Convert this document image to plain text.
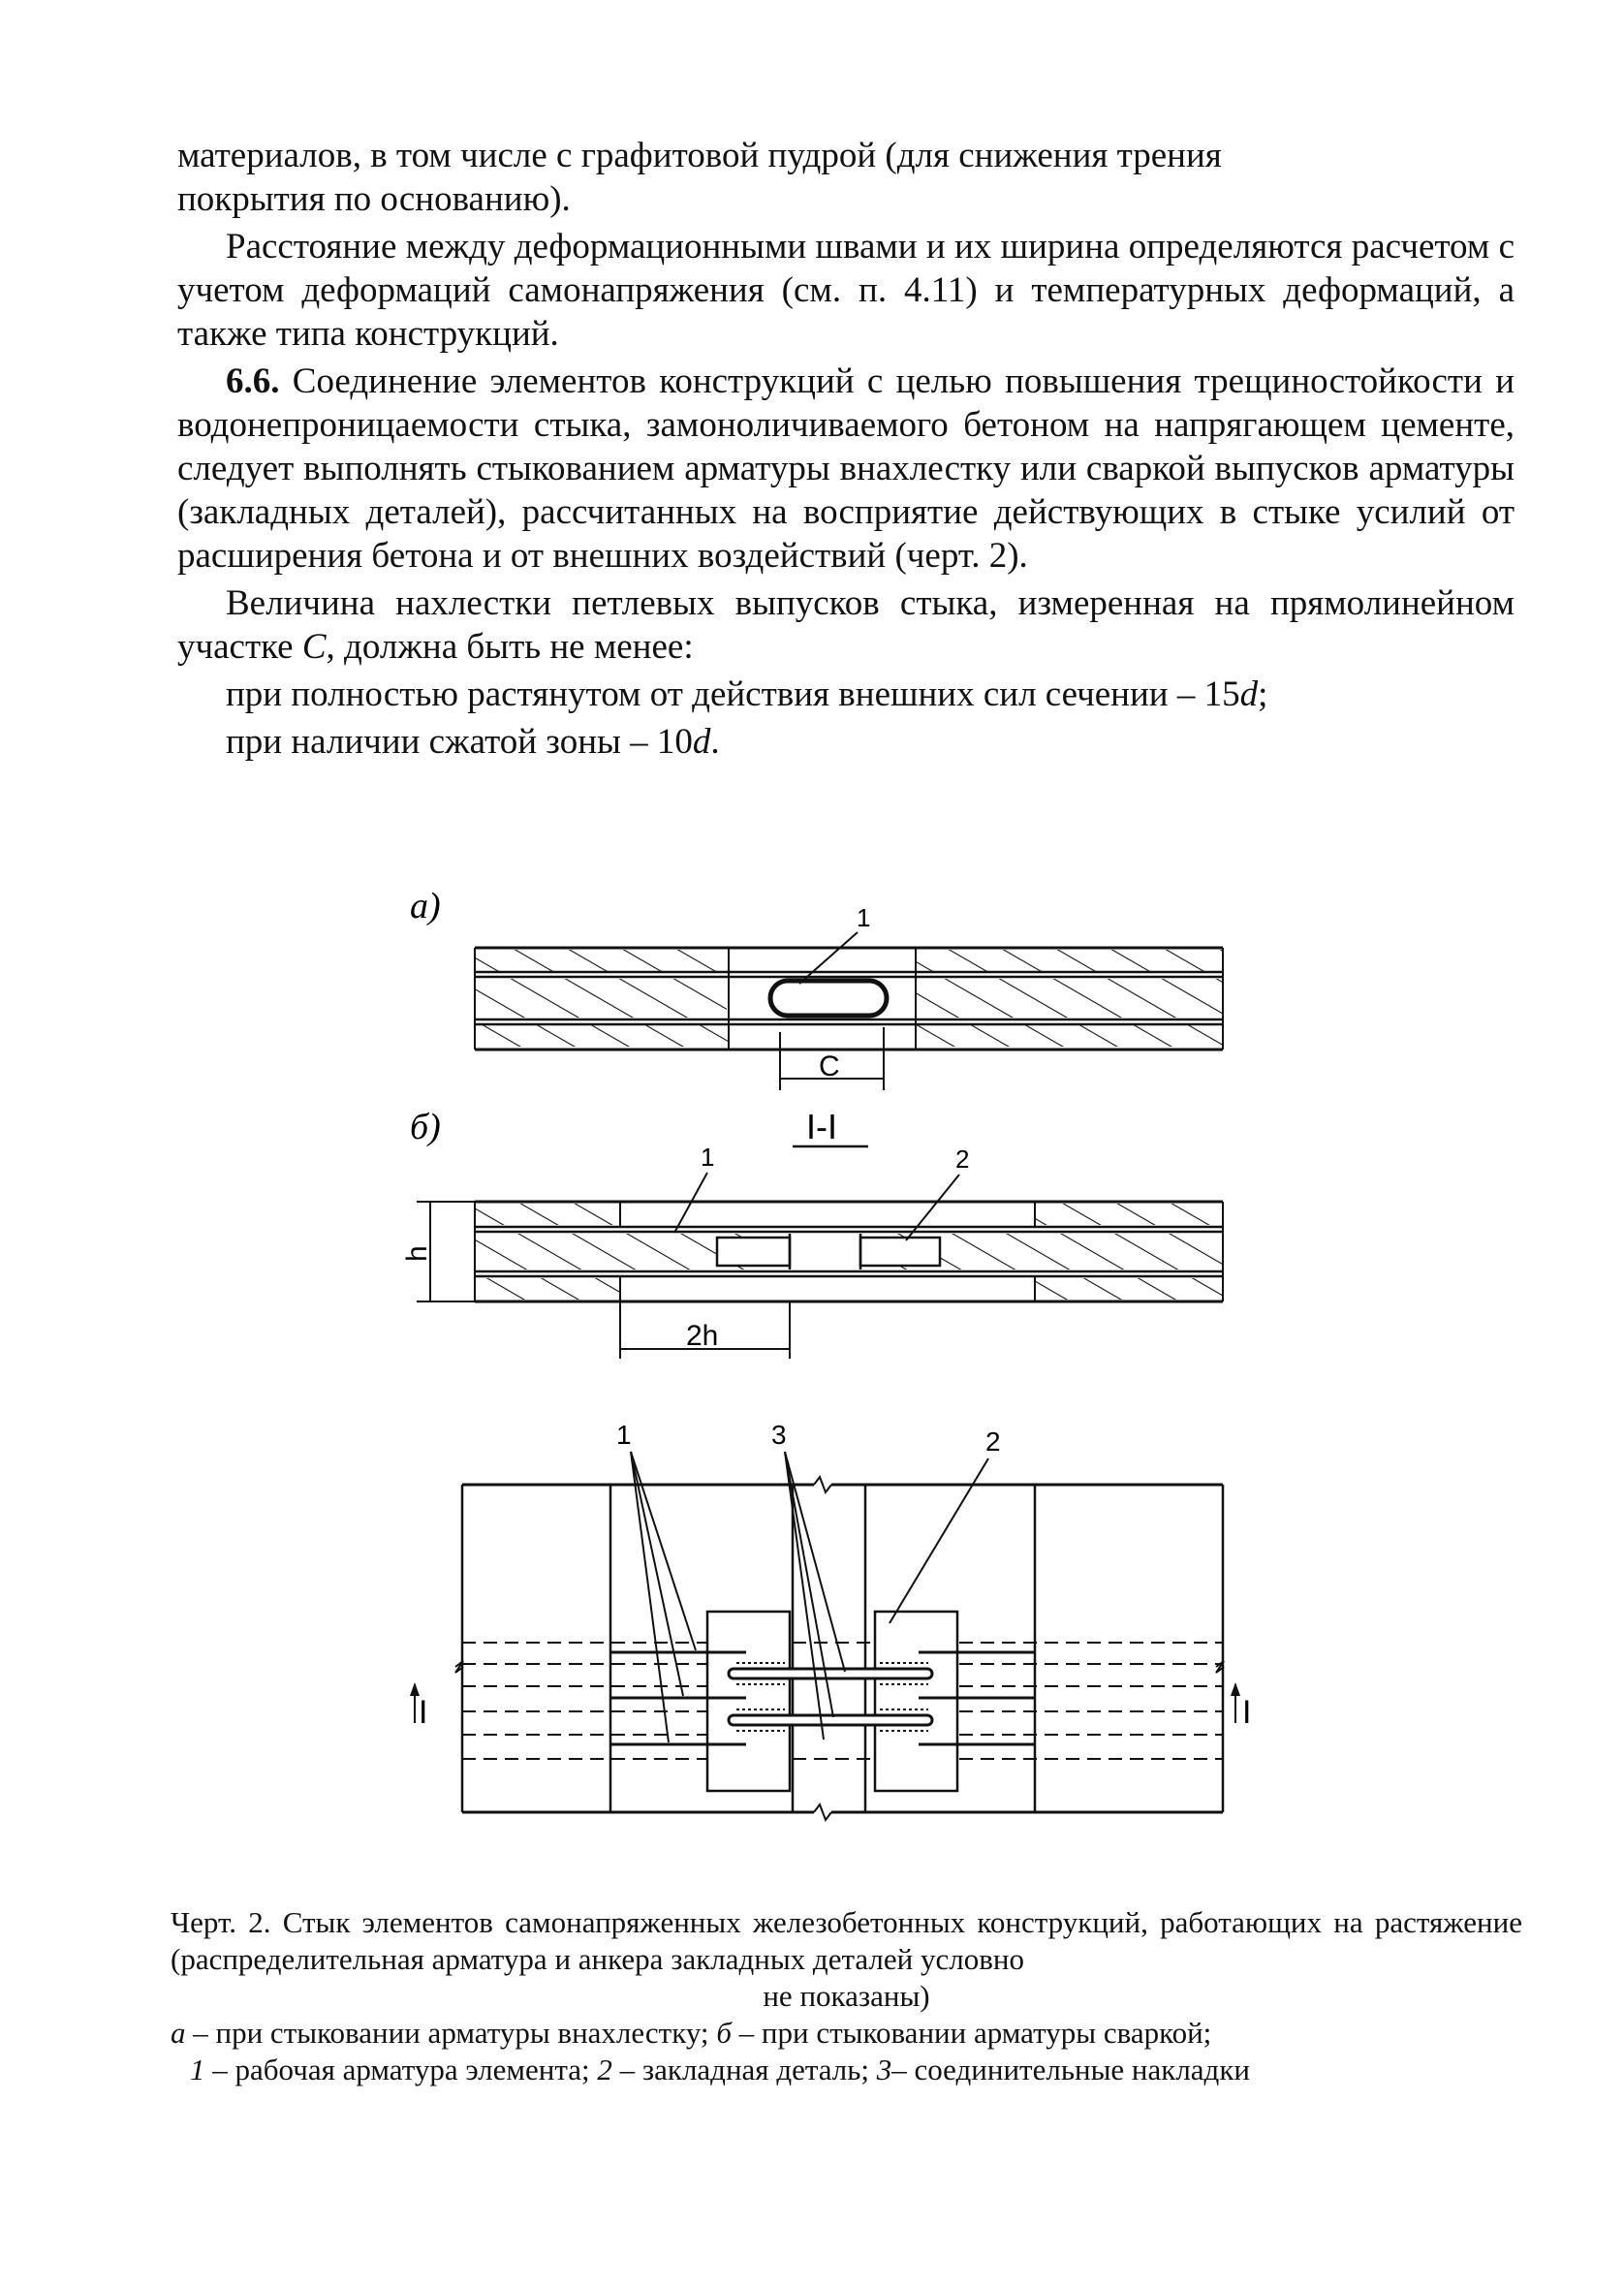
материалов, в том числе с графитовой пудрой (для снижения трения

покрытия по основанию).

Расстояние между деформационными швами и их ширина определяются расчетом с учетом деформаций самонапряжения (см. п. 4.11) и температурных деформаций, а также типа конструкций.

6.6. Соединение элементов конструкций с целью повышения трещиностойкости и водонепроницаемости стыка, замоноличиваемого бетоном на напрягающем цементе, следует выполнять стыкованием арматуры внахлестку или сваркой выпусков арматуры (закладных деталей), рассчитанных на восприятие действующих в стыке усилий от расширения бетона и от внешних воздействий (черт. 2).

Величина нахлестки петлевых выпусков стыка, измеренная на прямолинейном участке C, должна быть не менее:

при полностью растянутом от действия внешних сил сечении – 15d;

при наличии сжатой зоны – 10d.

а)	1
C
б)	I-I
1	2
h
2h
1	3	2
I	I

Черт. 2. Стык элементов самонапряженных железобетонных конструкций, работающих на растяжение (распределительная арматура и анкера закладных деталей условно

не показаны)

а – при стыковании арматуры внахлестку; б – при стыковании арматуры сваркой;

1 – рабочая арматура элемента; 2 – закладная деталь; 3– соединительные накладки
